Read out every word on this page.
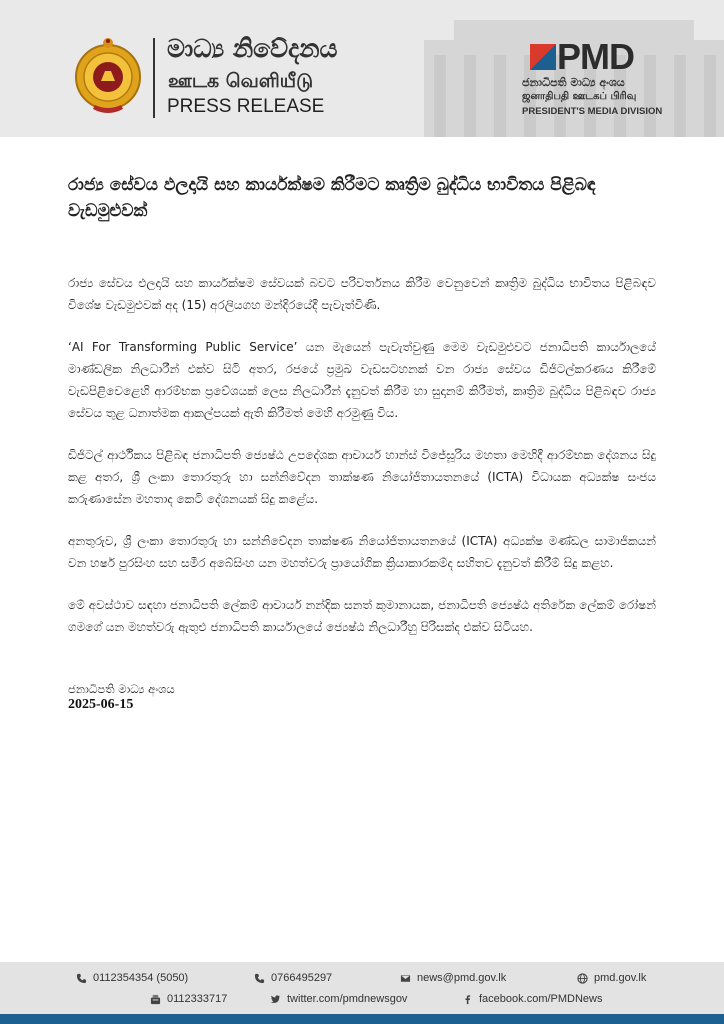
මාධ්‍ය නිවේදනය
ஊடக வெளியீடு
PRESS RELEASE
PMD
ජනාධිපති මාධ්‍ය අංශය
ஜனாதிபதி ஊடகப் பிரிவு
PRESIDENT'S MEDIA DIVISION
රාජ්‍ය සේවය ඵලදායි සහ කාර්යක්ෂම කිරීමට කෘත්‍රිම බුද්ධිය භාවිතය පිළිබඳ වැඩමුළුවක්

රාජ්‍ය සේවය ඵලදායි සහ කාර්යක්ෂම සේවයක් බවට පරිවර්තනය කිරීම වෙනුවෙන් කෘත්‍රිම බුද්ධිය භාවිතය පිළිබඳව විශේෂ වැඩමුළුවක් අද (15) අරලියගහ මන්දිරයේදී පැවැත්විණි.

‘AI For Transforming Public Service’ යන මැයෙන් පැවැත්වුණු මෙම වැඩමුළුවට ජනාධිපති කාර්යාලයේ මාණ්ඩලික නිලධාරීන් එක්ව සිටි අතර, රජයේ ප්‍රමුඛ වැඩසටහනක් වන රාජ්‍ය සේවය ඩිජිටල්කරණය කිරීමේ වැඩපිළිවෙළෙහි ආරම්භක ප්‍රවේශයක් ලෙස නිලධාරීන් දැනුවත් කිරීම හා සුදානම් කිරීමත්, කෘත්‍රිම බුද්ධිය පිළිබඳව රාජ්‍ය සේවය තුළ ධනාත්මක ආකල්පයක් ඇති කිරීමත් මෙහි අරමුණු විය.

ඩිජිටල් ආර්ථිකය පිළිබඳ ජනාධිපති ජ්‍යෙෂ්ඨ උපදේශක ආචාර්ය හාන්ස් විජේසූරිය මහතා මෙහිදී ආරම්භක දේශනය සිදු කළ අතර, ශ්‍රී ලංකා තොරතුරු හා සන්නිවේදන තාක්ෂණ නියෝජිතායතනයේ (ICTA) විධායක අධ්‍යක්ෂ සංජය කරුණාසේන මහතාද කෙටි දේශනයක් සිදු කළේය.

අනතුරුව, ශ්‍රී ලංකා තොරතුරු හා සන්නිවේදන තාක්ෂණ නියෝජිතායතනයේ (ICTA) අධ්‍යක්ෂ මණ්ඩල සාමාජිකයන් වන හර්ෂ පුරසිංහ සහ සමීර අබේසිංහ යන මහත්වරු ප්‍රායෝගික ක්‍රියාකාරකම්ද සහිතව දැනුවත් කිරීම් සිදු කළහ.

මේ අවස්ථාව සඳහා ජනාධිපති ලේකම් ආචාර්ය නන්දික සනත් කුමානායක, ජනාධිපති ජ්‍යෙෂ්ඨ අතිරේක ලේකම් රෝෂන් ගමගේ යන මහත්වරු ඇතුළු ජනාධිපති කාර්යාලයේ ජ්‍යෙෂ්ඨ නිලධාරීහු පිරිසක්ද එක්ව සිටියහ.

ජනාධිපති මාධ්‍ය අංශය
2025-06-15
0112354354 (5050)	0766495297	news@pmd.gov.lk	pmd.gov.lk
0112333717	twitter.com/pmdnewsgov	facebook.com/PMDNews
